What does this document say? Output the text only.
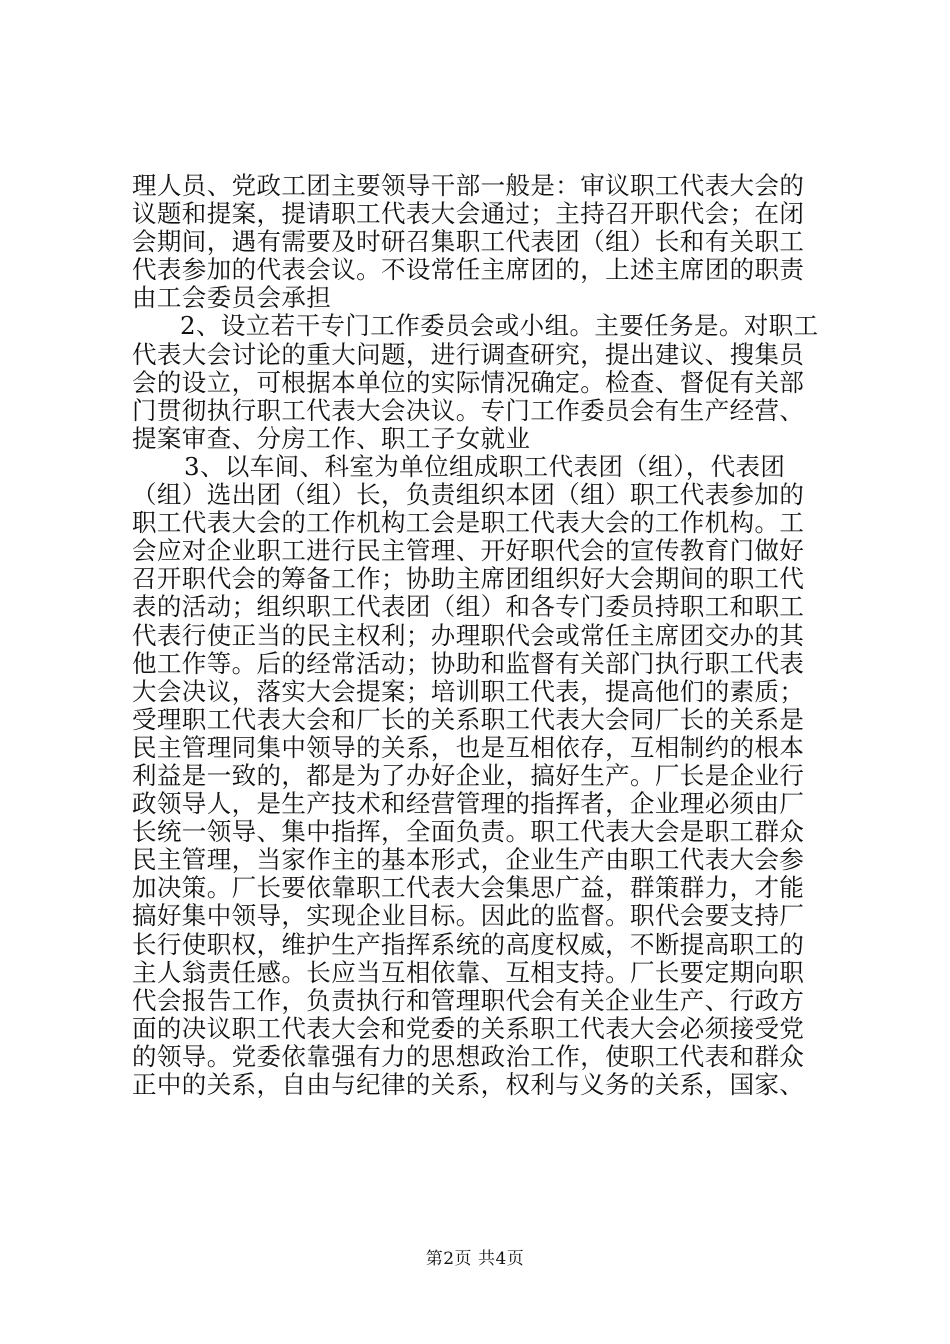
理人员、党政工团主要领导干部一般是：审议职工代表大会的
议题和提案，提请职工代表大会通过；主持召开职代会；在闭
会期间，遇有需要及时研召集职工代表团（组）长和有关职工
代表参加的代表会议。不设常任主席团的，上述主席团的职责
由工会委员会承担
2、设立若干专门工作委员会或小组。主要任务是。对职工
代表大会讨论的重大问题，进行调查研究，提出建议、搜集员
会的设立，可根据本单位的实际情况确定。检查、督促有关部
门贯彻执行职工代表大会决议。专门工作委员会有生产经营、
提案审查、分房工作、职工子女就业
3、以车间、科室为单位组成职工代表团（组），代表团
（组）选出团（组）长，负责组织本团（组）职工代表参加的
职工代表大会的工作机构工会是职工代表大会的工作机构。工
会应对企业职工进行民主管理、开好职代会的宣传教育门做好
召开职代会的筹备工作；协助主席团组织好大会期间的职工代
表的活动；组织职工代表团（组）和各专门委员持职工和职工
代表行使正当的民主权利；办理职代会或常任主席团交办的其
他工作等。后的经常活动；协助和监督有关部门执行职工代表
大会决议，落实大会提案；培训职工代表，提高他们的素质；
受理职工代表大会和厂长的关系职工代表大会同厂长的关系是
民主管理同集中领导的关系，也是互相依存，互相制约的根本
利益是一致的，都是为了办好企业，搞好生产。厂长是企业行
政领导人，是生产技术和经营管理的指挥者，企业理必须由厂
长统一领导、集中指挥，全面负责。职工代表大会是职工群众
民主管理，当家作主的基本形式，企业生产由职工代表大会参
加决策。厂长要依靠职工代表大会集思广益，群策群力，才能
搞好集中领导，实现企业目标。因此的监督。职代会要支持厂
长行使职权，维护生产指挥系统的高度权威，不断提高职工的
主人翁责任感。长应当互相依靠、互相支持。厂长要定期向职
代会报告工作，负责执行和管理职代会有关企业生产、行政方
面的决议职工代表大会和党委的关系职工代表大会必须接受党
的领导。党委依靠强有力的思想政治工作，使职工代表和群众
正中的关系，自由与纪律的关系，权利与义务的关系，国家、
第2页 共4页
